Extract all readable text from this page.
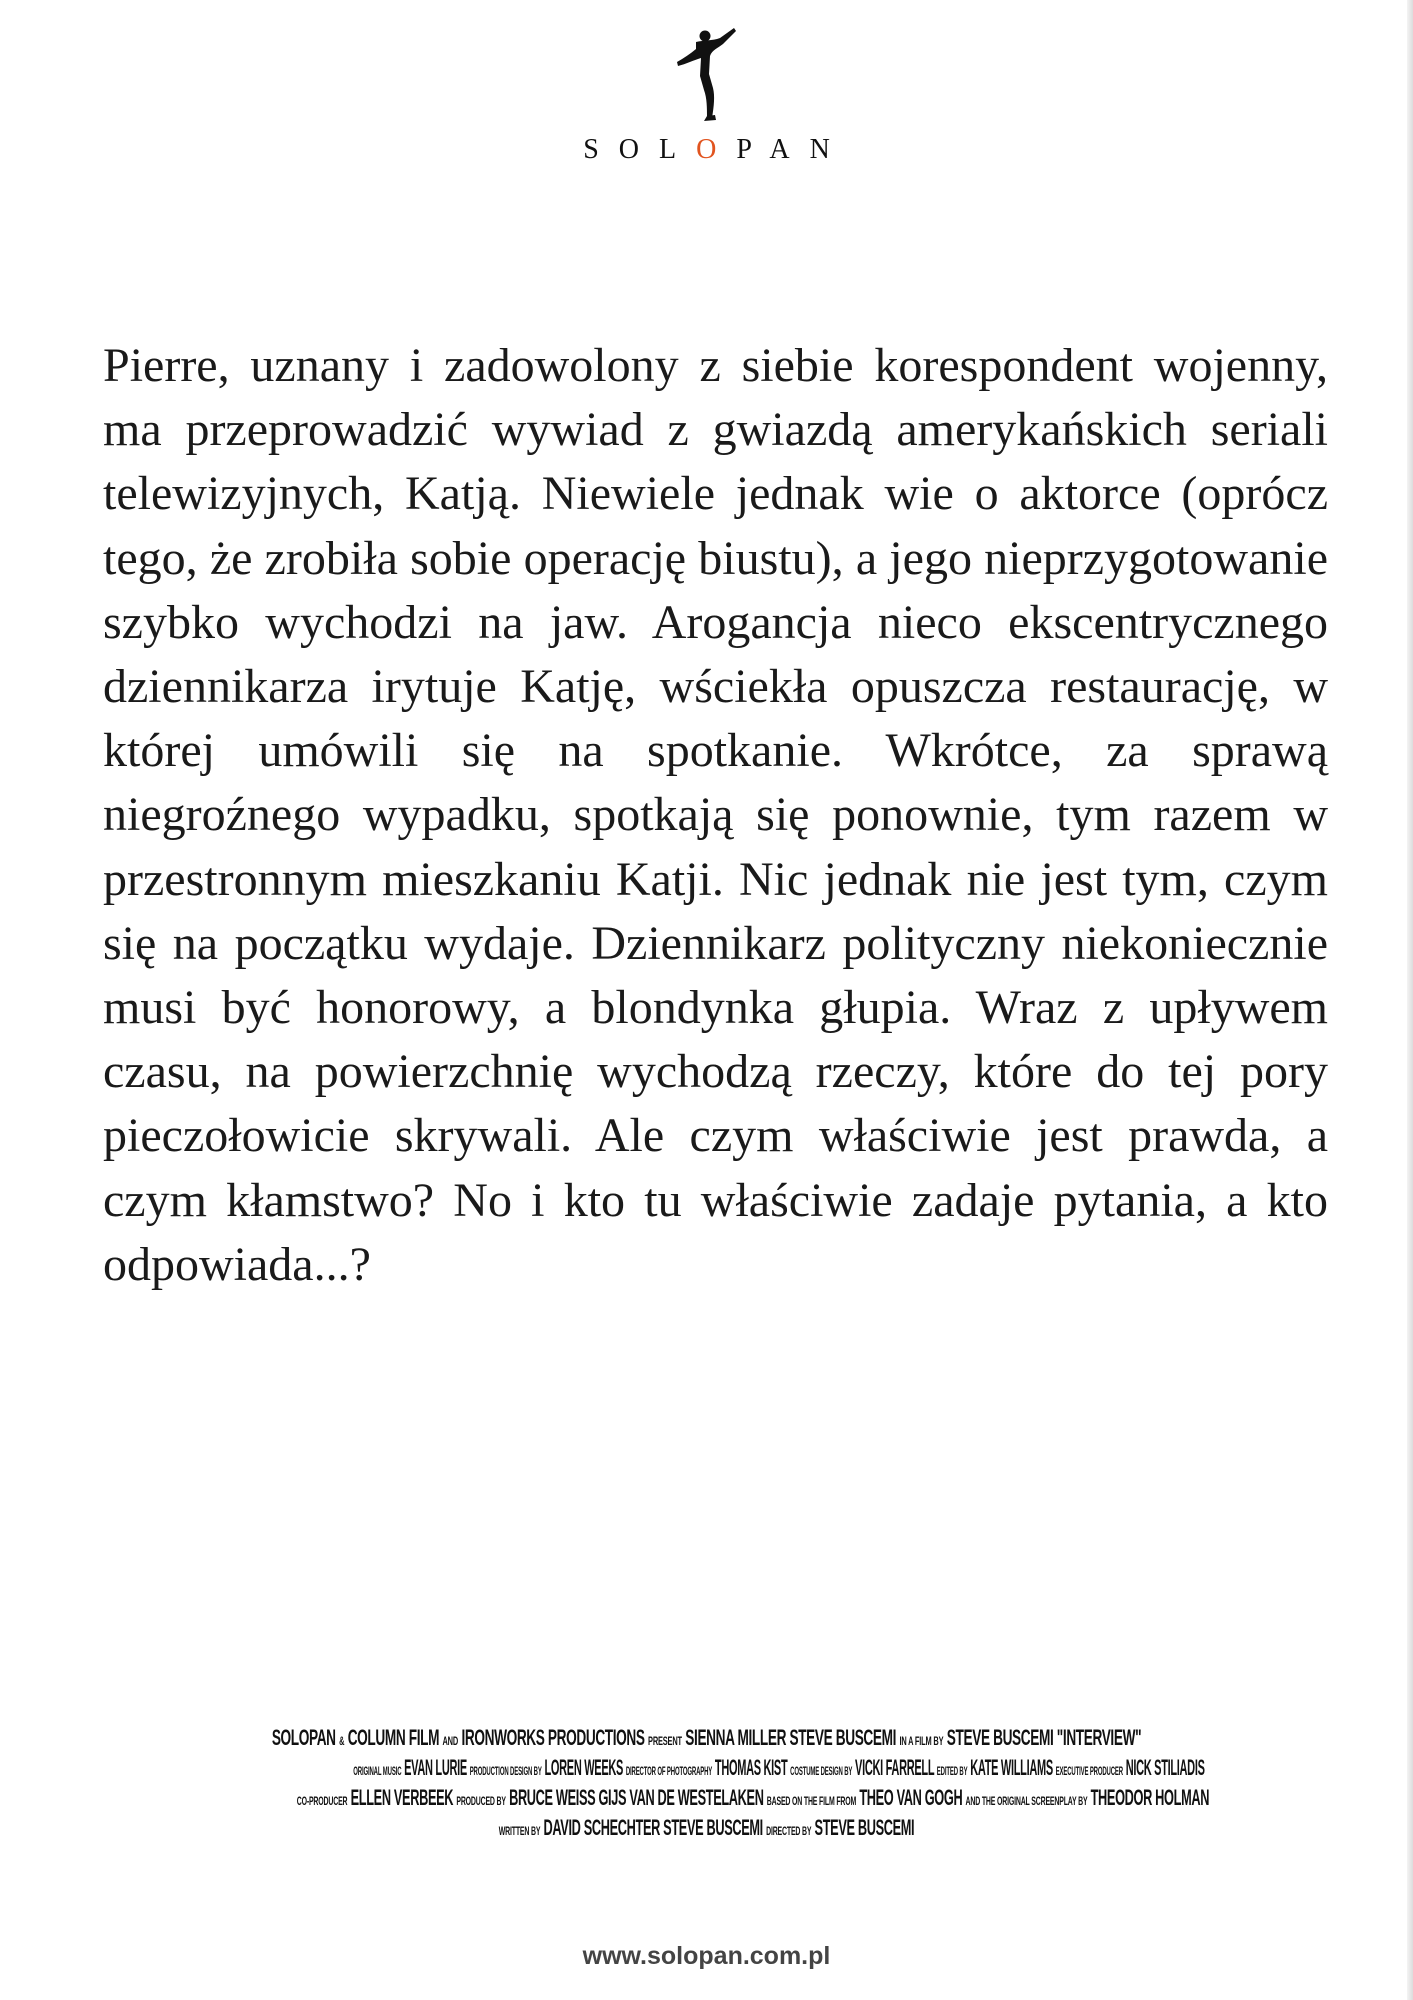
SOLOPAN
Pierre, uznany i zadowolony z siebie korespondent wojenny, ma przeprowadzić wywiad z gwiazdą amerykańskich seriali telewizyjnych, Katją. Niewiele jednak wie o aktorce (oprócz tego, że zrobiła sobie operację biustu), a jego nieprzygotowanie szybko wychodzi na jaw. Arogancja nieco ekscentrycznego dziennikarza irytuje Katję, wściekła opuszcza restaurację, w której umówili się na spotkanie. Wkrótce, za sprawą niegroźnego wypadku, spotkają się ponownie, tym razem w przestronnym mieszkaniu Katji. Nic jednak nie jest tym, czym się na początku wydaje. Dziennikarz polityczny niekoniecznie musi być honorowy, a blondynka głupia. Wraz z upływem czasu, na powierzchnię wychodzą rzeczy, które do tej pory pieczołowicie skrywali. Ale czym właściwie jest prawda, a czym kłamstwo? No i kto tu właściwie zadaje pytania, a kto odpowiada...?
SOLOPAN & COLUMN FILM AND IRONWORKS PRODUCTIONS PRESENT SIENNA MILLER STEVE BUSCEMI IN A FILM BY STEVE BUSCEMI "INTERVIEW"
ORIGINAL MUSIC EVAN LURIE PRODUCTION DESIGN BY LOREN WEEKS DIRECTOR OF PHOTOGRAPHY THOMAS KIST COSTUME DESIGN BY VICKI FARRELL EDITED BY KATE WILLIAMS EXECUTIVE PRODUCER NICK STILIADIS
CO-PRODUCER ELLEN VERBEEK PRODUCED BY BRUCE WEISS GIJS VAN DE WESTELAKEN BASED ON THE FILM FROM THEO VAN GOGH AND THE ORIGINAL SCREENPLAY BY THEODOR HOLMAN
WRITTEN BY DAVID SCHECHTER STEVE BUSCEMI DIRECTED BY STEVE BUSCEMI
www.solopan.com.pl
